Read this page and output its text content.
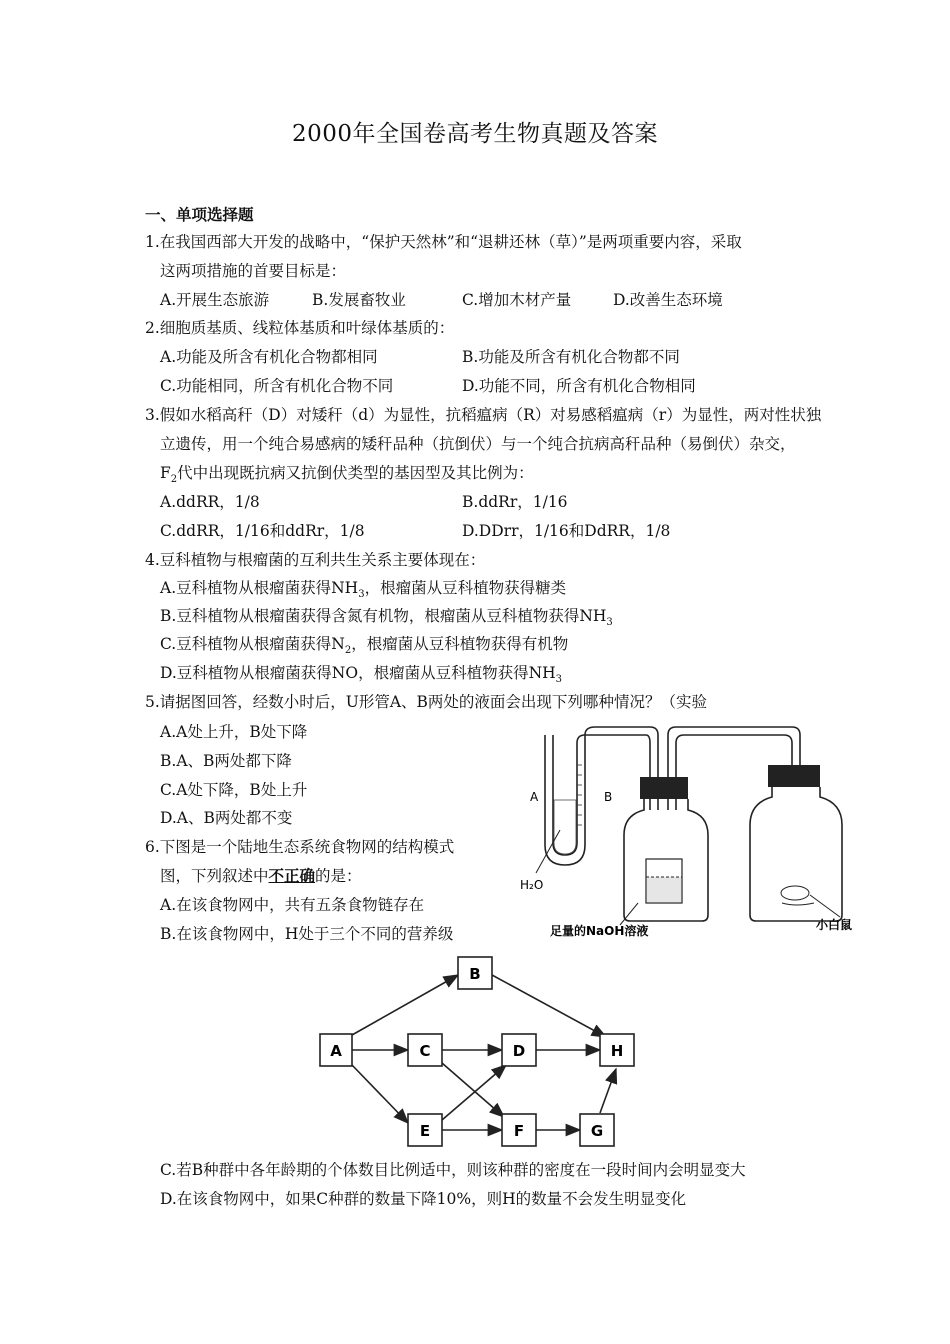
2000年全国卷高考生物真题及答案
一、单项选择题
1.在我国西部大开发的战略中，“保护天然林”和“退耕还林（草）”是两项重要内容，采取
这两项措施的首要目标是：
A.开展生态旅游	B.发展畜牧业	C.增加木材产量	D.改善生态环境
2.细胞质基质、线粒体基质和叶绿体基质的：
A.功能及所含有机化合物都相同	B.功能及所含有机化合物都不同
C.功能相同，所含有机化合物不同	D.功能不同，所含有机化合物相同
3.假如水稻高秆（D）对矮秆（d）为显性，抗稻瘟病（R）对易感稻瘟病（r）为显性，两对性状独
立遗传，用一个纯合易感病的矮秆品种（抗倒伏）与一个纯合抗病高秆品种（易倒伏）杂交，
$F_2$代中出现既抗病又抗倒伏类型的基因型及其比例为：
A.ddRR，1/8	B.ddRr，1/16
C.ddRR，1/16和ddRr，1/8	D.DDrr，1/16和DdRR，1/8
4.豆科植物与根瘤菌的互利共生关系主要体现在：
A.豆科植物从根瘤菌获得$NH_3$，根瘤菌从豆科植物获得糖类
B.豆科植物从根瘤菌获得含氮有机物，根瘤菌从豆科植物获得$NH_3$
C.豆科植物从根瘤菌获得$N_2$，根瘤菌从豆科植物获得有机物
D.豆科植物从根瘤菌获得NO，根瘤菌从豆科植物获得$NH_3$
5.请据图回答，经数小时后，U形管A、B两处的液面会出现下列哪种情况？（实验
A.A处上升，B处下降
B.A、B两处都下降
C.A处下降，B处上升
D.A、B两处都不变
A	B
H₂O
足量的NaOH溶液	小白鼠
6.下图是一个陆地生态系统食物网的结构模式
图，下列叙述中不正确的是：
A.在该食物网中，共有五条食物链存在
B.在该食物网中，H处于三个不同的营养级
A
B
C	D
E	F	G
H
C.若B种群中各年龄期的个体数目比例适中，则该种群的密度在一段时间内会明显变大
D.在该食物网中，如果C种群的数量下降10%，则H的数量不会发生明显变化
